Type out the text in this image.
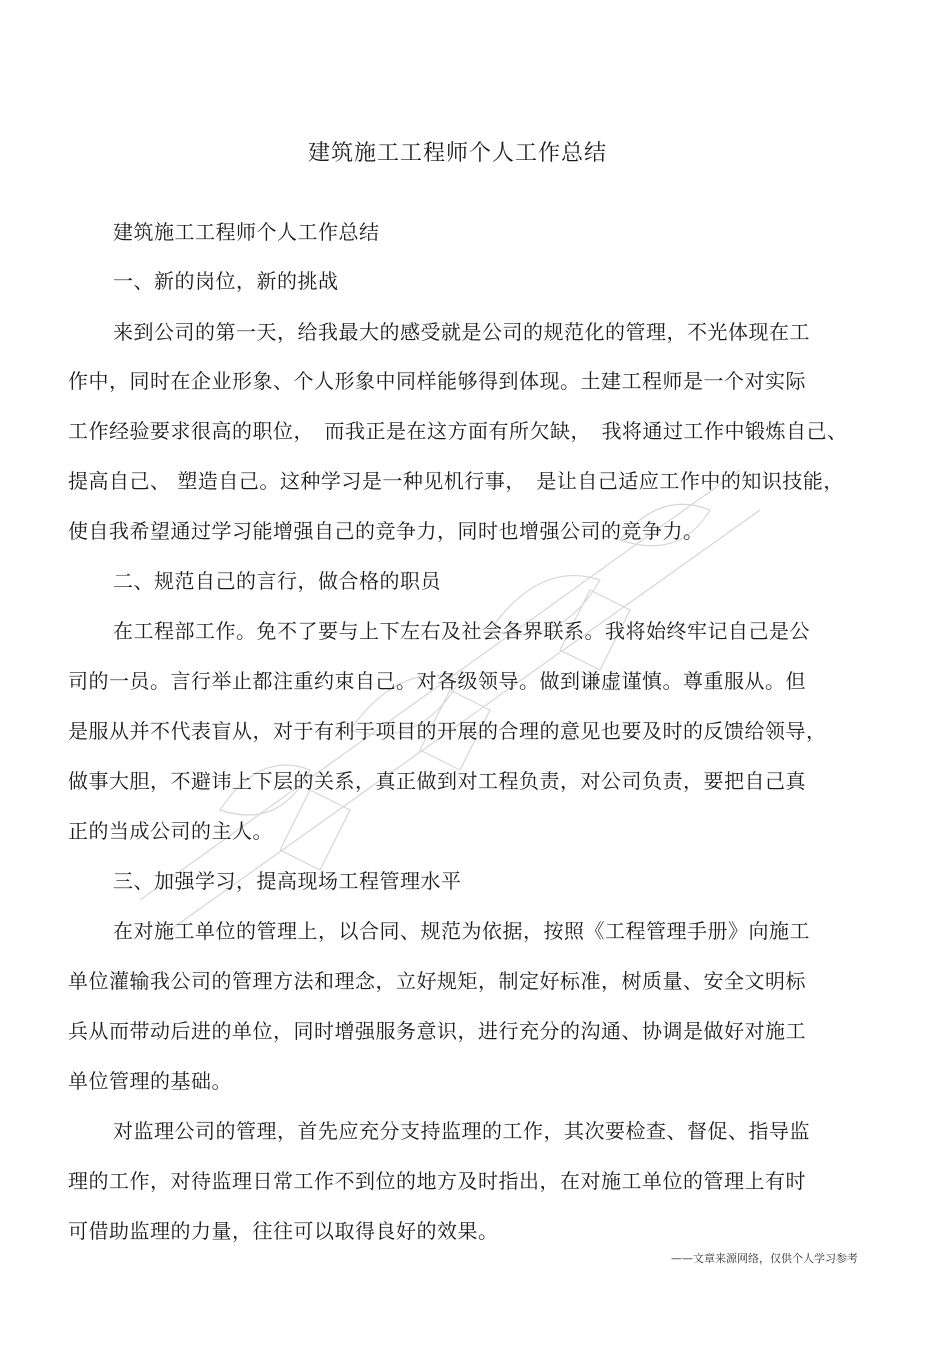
建筑施工工程师个人工作总结
建筑施工工程师个人工作总结
一、新的岗位，新的挑战
来到公司的第一天，给我最大的感受就是公司的规范化的管理，不光体现在工
作中，同时在企业形象、个人形象中同样能够得到体现。土建工程师是一个对实际
工作经验要求很高的职位，　而我正是在这方面有所欠缺，　我将通过工作中锻炼自己、
提高自己、 塑造自己。这种学习是一种见机行事，　是让自己适应工作中的知识技能，
使自我希望通过学习能增强自己的竞争力，同时也增强公司的竞争力。
二、规范自己的言行，做合格的职员
在工程部工作。免不了要与上下左右及社会各界联系。我将始终牢记自己是公
司的一员。言行举止都注重约束自己。对各级领导。做到谦虚谨慎。尊重服从。但
是服从并不代表盲从，对于有利于项目的开展的合理的意见也要及时的反馈给领导，
做事大胆，不避讳上下层的关系，真正做到对工程负责，对公司负责，要把自己真
正的当成公司的主人。
三、加强学习，提高现场工程管理水平
在对施工单位的管理上，以合同、规范为依据，按照《工程管理手册》向施工
单位灌输我公司的管理方法和理念，立好规矩，制定好标准，树质量、安全文明标
兵从而带动后进的单位，同时增强服务意识，进行充分的沟通、协调是做好对施工
单位管理的基础。
对监理公司的管理，首先应充分支持监理的工作，其次要检查、督促、指导监
理的工作，对待监理日常工作不到位的地方及时指出，在对施工单位的管理上有时
可借助监理的力量，往往可以取得良好的效果。
——文章来源网络，仅供个人学习参考
